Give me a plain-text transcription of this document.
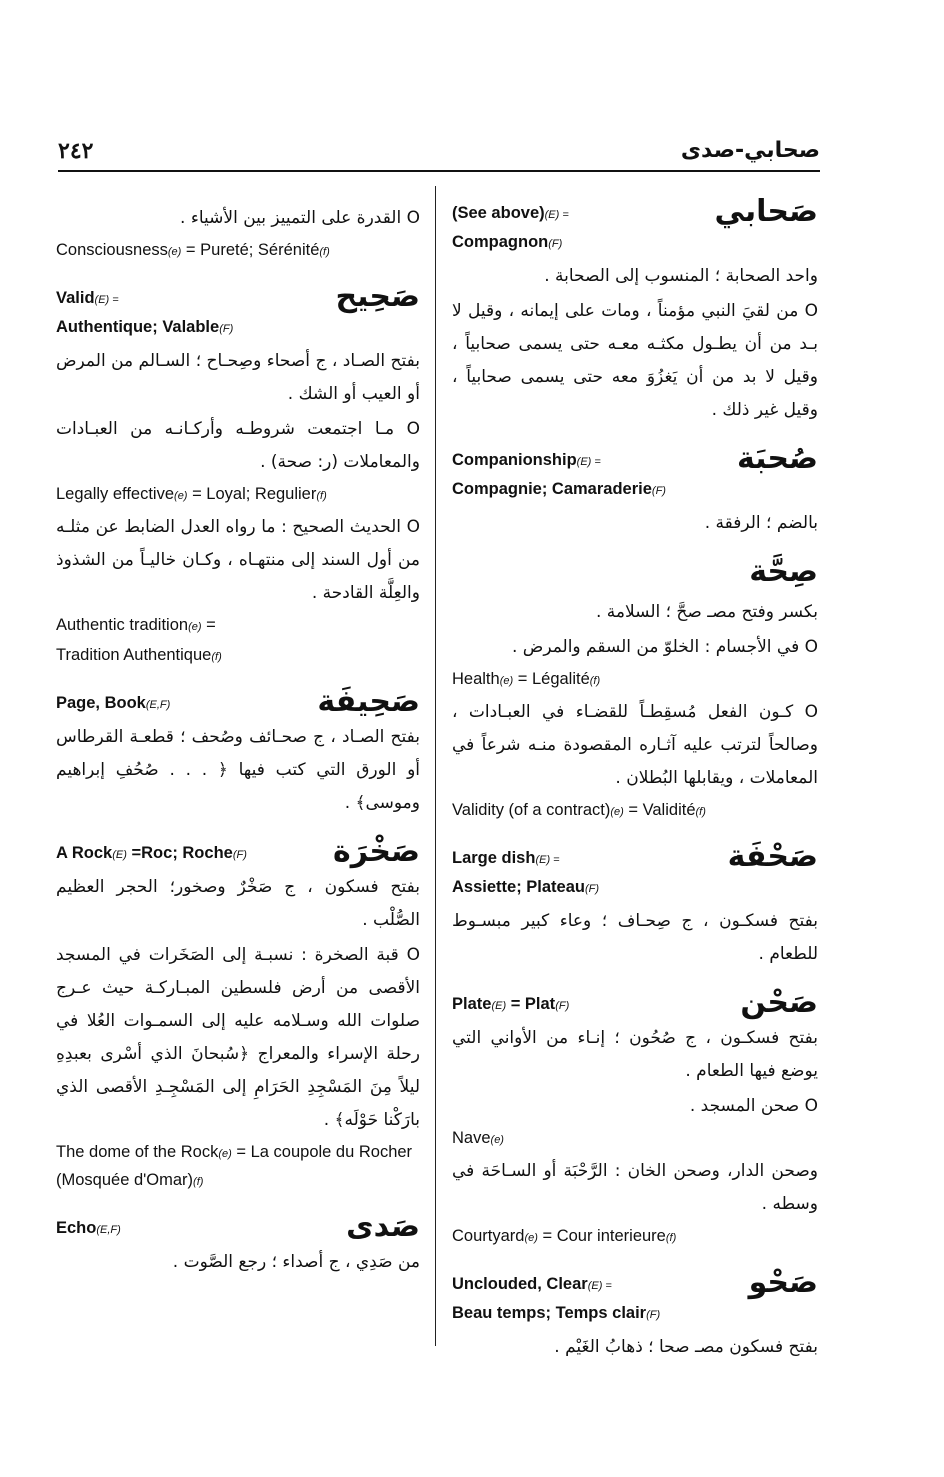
٢٤٢	صحابي-صدى
صَحابي
(See above)(E) =
Compagnon(F)

واحد الصحابة ؛ المنسوب إلى الصحابة .

O من لقيَ النبي مؤمناً ، ومات على إيمانه ، وقيل لا بـد من أن يطـول مكثـه معـه حتى يسمى صحابياً ، وقيل لا بد من أن يَغزُوَ معه حتى يسمى صحابياً ، وقيل غير ذلك .

صُحبَة
Companionship(E) =
Compagnie; Camaraderie(F)

بالضم ؛ الرفقة .

صِحَّة

بكسر وفتح مصـ صحَّ ؛ السلامة .

O في الأجسام : الخلوّ من السقم والمرض .

Health(e) = Légalité(f)

O كـون الفعل مُسقِطـاً للقضـاء في العبـادات ، وصالحاً لترتب عليه آثـاره المقصودة منـه شرعاً في المعاملات ، ويقابلها البُطلان .

Validity (of a contract)(e) = Validité(f)

صَحْفَة
Large dish(E) =
Assiette; Plateau(F)

بفتح فسكـون ، ج صِحـاف ؛ وعاء كبير مبسـوط للطعام .

صَحْن
Plate(E) = Plat(F)

بفتح فسكـون ، ج صُحُون ؛ إنـاء من الأواني التي يوضع فيها الطعام .

O صحن المسجد .

Nave(e)

وصحن الدار، وصحن الخان : الرَّحْبَة أو السـاحَة في وسطه .

Courtyard(e) = Cour interieure(f)

صَحْو
Unclouded, Clear(E) =
Beau temps; Temps clair(F)

بفتح فسكون مصـ صحا ؛ ذهابُ الغَيْم .

O القدرة على التمييز بين الأشياء .

Consciousness(e) = Pureté; Sérénité(f)

صَحِيح
Valid(E) =
Authentique; Valable(F)

بفتح الصـاد ، ج أصحاء وصِحـاح ؛ السـالم من المرض أو العيب أو الشك .

O مـا اجتمعت شروطـه وأركـانـه من العبـادات والمعاملات (ر: صحة) .

Legally effective(e) = Loyal; Regulier(f)

O الحديث الصحيح : ما رواه العدل الضابط عن مثلـه من أول السند إلى منتهـاه ، وكـان خاليـاً من الشذوذ والعِلَّة القادحة .

Authentic tradition(e) =

Tradition Authentique(f)

صَحِيفَة
Page, Book(E,F)

بفتح الصـاد ، ج صحـائف وصُحف ؛ قطعـة القرطاس أو الورق التي كتب فيها ﴿ . . . صُحُفِ إبراهيم وموسى﴾ .

صَخْرَة
A Rock(E) =Roc; Roche(F)

بفتح فسكون ، ج صَخْرٌ وصخور؛ الحجر العظيم الصُّلْب .

O قبة الصخرة : نسبـة إلى الصَخَرات في المسجد الأقصى من أرض فلسطين المبـاركـة حيث عـرج صلوات الله وسـلامه عليه إلى السمـوات العُلا في رحلة الإسراء والمعراج ﴿سُبحانَ الذي أسْرى بعبدِهِ ليلاً مِنَ المَسْجِدِ الحَرَامِ إلى المَسْجِـدِ الأقصى الذي بارَكْنا حَوْلَه﴾ .

The dome of the Rock(e) = La coupole du Rocher (Mosquée d'Omar)(f)

صَدى
Echo(E,F)

من صَدِي ، ج أصداء ؛ رجع الصَّوت .
